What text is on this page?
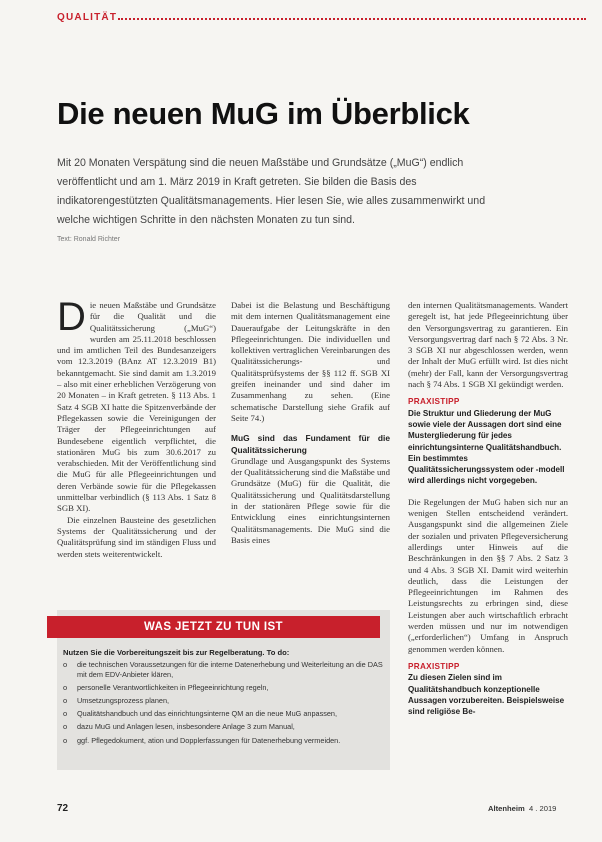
QUALITÄT
Die neuen MuG im Überblick
Mit 20 Monaten Verspätung sind die neuen Maßstäbe und Grundsätze („MuG“) endlich veröffentlicht und am 1. März 2019 in Kraft getreten. Sie bilden die Basis des indikatorengestützten Qualitätsmanagements. Hier lesen Sie, wie alles zusammenwirkt und welche wichtigen Schritte in den nächsten Monaten zu tun sind.
Text: Ronald Richter

Die neuen Maßstäbe und Grundsätze für die Qualität und die Qualitätssicherung („MuG“) wurden am 25.11.2018 beschlossen und im amtlichen Teil des Bundesanzeigers vom 12.3.2019 (BAnz AT 12.3.2019 B1) bekanntgemacht. Sie sind damit am 1.3.2019 – also mit einer erheblichen Verzögerung von 20 Monaten – in Kraft getreten. § 113 Abs. 1 Satz 4 SGB XI hatte die Spitzenverbände der Pflegekassen sowie die Vereinigungen der Träger der Pflegeeinrichtungen auf Bundesebene eigentlich verpflichtet, die stationären MuG bis zum 30.6.2017 zu verabschieden. Mit der Veröffentlichung sind die MuG für alle Pflegeeinrichtungen und deren Verbände sowie für die Pflegekassen unmittelbar verbindlich (§ 113 Abs. 1 Satz 8 SGB XI).

Die einzelnen Bausteine des gesetzlichen Systems der Qualitätssicherung und der Qualitätsprüfung sind im ständigen Fluss und werden stets weiterentwickelt.

Dabei ist die Belastung und Beschäftigung mit dem internen Qualitätsmanagement eine Daueraufgabe der Leitungskräfte in den Pflegeeinrichtungen. Die individuellen und kollektiven vertraglichen Vereinbarungen des Qualitätssicherungs- und Qualitätsprüfsystems der §§ 112 ff. SGB XI greifen ineinander und sind daher im Zusammenhang zu sehen. (Eine schematische Darstellung siehe Grafik auf Seite 74.)

MuG sind das Fundament für die Qualitätssicherung

Grundlage und Ausgangspunkt des Systems der Qualitätssicherung sind die Maßstäbe und Grundsätze (MuG) für die Qualität, die Qualitätssicherung und Qualitätsdarstellung in der stationären Pflege sowie für die Entwicklung eines einrichtungsinternen Qualitätsmanagements. Die MuG sind die Basis eines

den internen Qualitätsmanagements. Wandert geregelt ist, hat jede Pflegeeinrichtung über den Versorgungsvertrag zu garantieren. Ein Versorgungsvertrag darf nach § 72 Abs. 3 Nr. 3 SGB XI nur abgeschlossen werden, wenn der Inhalt der MuG erfüllt wird. Ist dies nicht (mehr) der Fall, kann der Versorgungsvertrag nach § 74 Abs. 1 SGB XI gekündigt werden.

PRAXISTIPP

Die Struktur und Gliederung der MuG sowie viele der Aussagen dort sind eine Mustergliederung für jedes einrichtungsinterne Qualitätshandbuch. Ein bestimmtes Qualitätssicherungssystem oder -modell wird allerdings nicht vorgegeben.

Die Regelungen der MuG haben sich nur an wenigen Stellen entscheidend verändert. Ausgangspunkt sind die allgemeinen Ziele der sozialen und privaten Pflegeversicherung allerdings unter Hinweis auf die Beschränkungen in den §§ 7 Abs. 2 Satz 3 und 4 Abs. 3 SGB XI. Damit wird weiterhin deutlich, dass die Leistungen der Pflegeeinrichtungen im Rahmen des Leistungsrechts zu erbringen sind, diese Leistungen aber auch wirtschaftlich erbracht werden müssen und nur im notwendigen („erforderlichen“) Umfang in Anspruch genommen werden können.

PRAXISTIPP

Zu diesen Zielen sind im Qualitätshandbuch konzeptionelle Aussagen vorzubereiten. Beispielsweise sind religiöse Be-

WAS JETZT ZU TUN IST
Nutzen Sie die Vorbereitungszeit bis zur Regelberatung. To do:
o die technischen Voraussetzungen für die interne Datenerhebung und Weiterleitung an die DAS mit dem EDV-Anbieter klären,
o personelle Verantwortlichkeiten in Pflegeeinrichtung regeln,
o Umsetzungsprozess planen,
o Qualitätshandbuch und das einrichtungsinterne QM an die neue MuG anpassen,
o dazu MuG und Anlagen lesen, insbesondere Anlage 3 zum Manual,
o ggf. Pflegedokument, ation und Dopplerfassungen für Datenerhebung vermeiden.
72	Altenheim 4 . 2019
